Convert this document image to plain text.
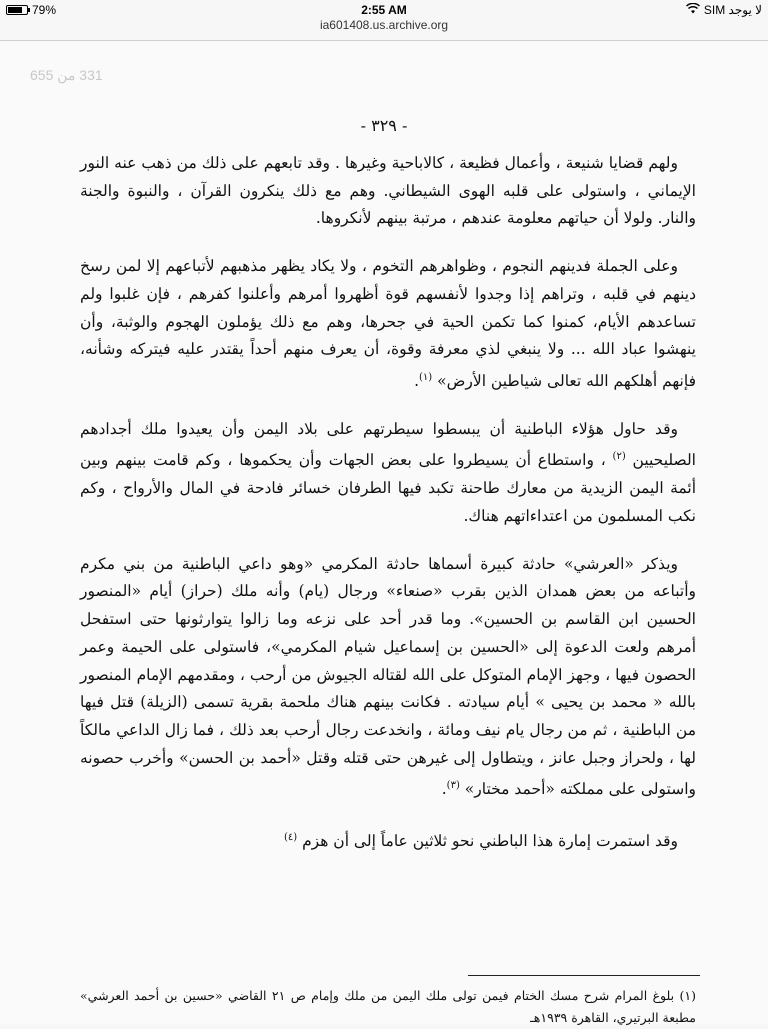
79%	2:55 AM	لا يوجد SIM
ia601408.us.archive.org
331 من 655
- ٣٢٩ -

ولهم قضايا شنيعة ، وأعمال فظيعة ، كالاباحية وغيرها . وقد تابعهم على ذلك من ذهب عنه النور الإيماني ، واستولى على قلبه الهوى الشيطاني. وهم مع ذلك ينكرون القرآن ، والنبوة والجنة والنار. ولولا أن حياتهم معلومة عندهم ، مرتبة بينهم لأنكروها.

وعلى الجملة فدينهم النجوم ، وظواهرهم التخوم ، ولا يكاد يظهر مذهبهم لأتباعهم إلا لمن رسخ دينهم في قلبه ، وتراهم إذا وجدوا لأنفسهم قوة أظهروا أمرهم وأعلنوا كفرهم ، فإن غلبوا ولم تساعدهم الأيام، كمنوا كما تكمن الحية في جحرها، وهم مع ذلك يؤملون الهجوم والوثبة، وأن ينهشوا عباد الله ... ولا ينبغي لذي معرفة وقوة، أن يعرف منهم أحداً يقتدر عليه فيتركه وشأنه، فإنهم أهلكهم الله تعالى شياطين الأرض» $^{(١)}$.

وقد حاول هؤلاء الباطنية أن يبسطوا سيطرتهم على بلاد اليمن وأن يعيدوا ملك أجدادهم الصليحيين $^{(٢)}$ ، واستطاع أن يسيطروا على بعض الجهات وأن يحكموها ، وكم قامت بينهم وبين أئمة اليمن الزيدية من معارك طاحنة تكبد فيها الطرفان خسائر فادحة في المال والأرواح ، وكم نكب المسلمون من اعتداءاتهم هناك.

ويذكر «العرشي» حادثة كبيرة أسماها حادثة المكرمي «وهو داعي الباطنية من بني مكرم وأتباعه من بعض همدان الذين بقرب «صنعاء» ورجال (يام) وأنه ملك (حراز) أيام «المنصور الحسين ابن القاسم بن الحسين». وما قدر أحد على نزعه وما زالوا يتوارثونها حتى استفحل أمرهم ولعت الدعوة إلى «الحسين بن إسماعيل شيام المكرمي»، فاستولى على الحيمة وعمر الحصون فيها ، وجهز الإمام المتوكل على الله لقتاله الجيوش من أرحب ، ومقدمهم الإمام المنصور بالله « محمد بن يحيى » أيام سيادته . فكانت بينهم هناك ملحمة بقرية تسمى (الزيلة) قتل فيها من الباطنية ، ثم من رجال يام نيف ومائة ، وانخدعت رجال أرحب بعد ذلك ، فما زال الداعي مالكاً لها ، ولحراز وجبل عانز ، ويتطاول إلى غيرهن حتى قتله وقتل «أحمد بن الحسن» وأخرب حصونه واستولى على مملكته «أحمد مختار» $^{(٣)}$.

وقد استمرت إمارة هذا الباطني نحو ثلاثين عاماً إلى أن هزم $^{(٤)}$

(١) بلوغ المرام شرح مسك الختام فيمن تولى ملك اليمن من ملك وإمام ص ٢١ القاضي «حسين بن أحمد العرشي» مطبعة البرتيري، القاهرة ١٩٣٩هـ
